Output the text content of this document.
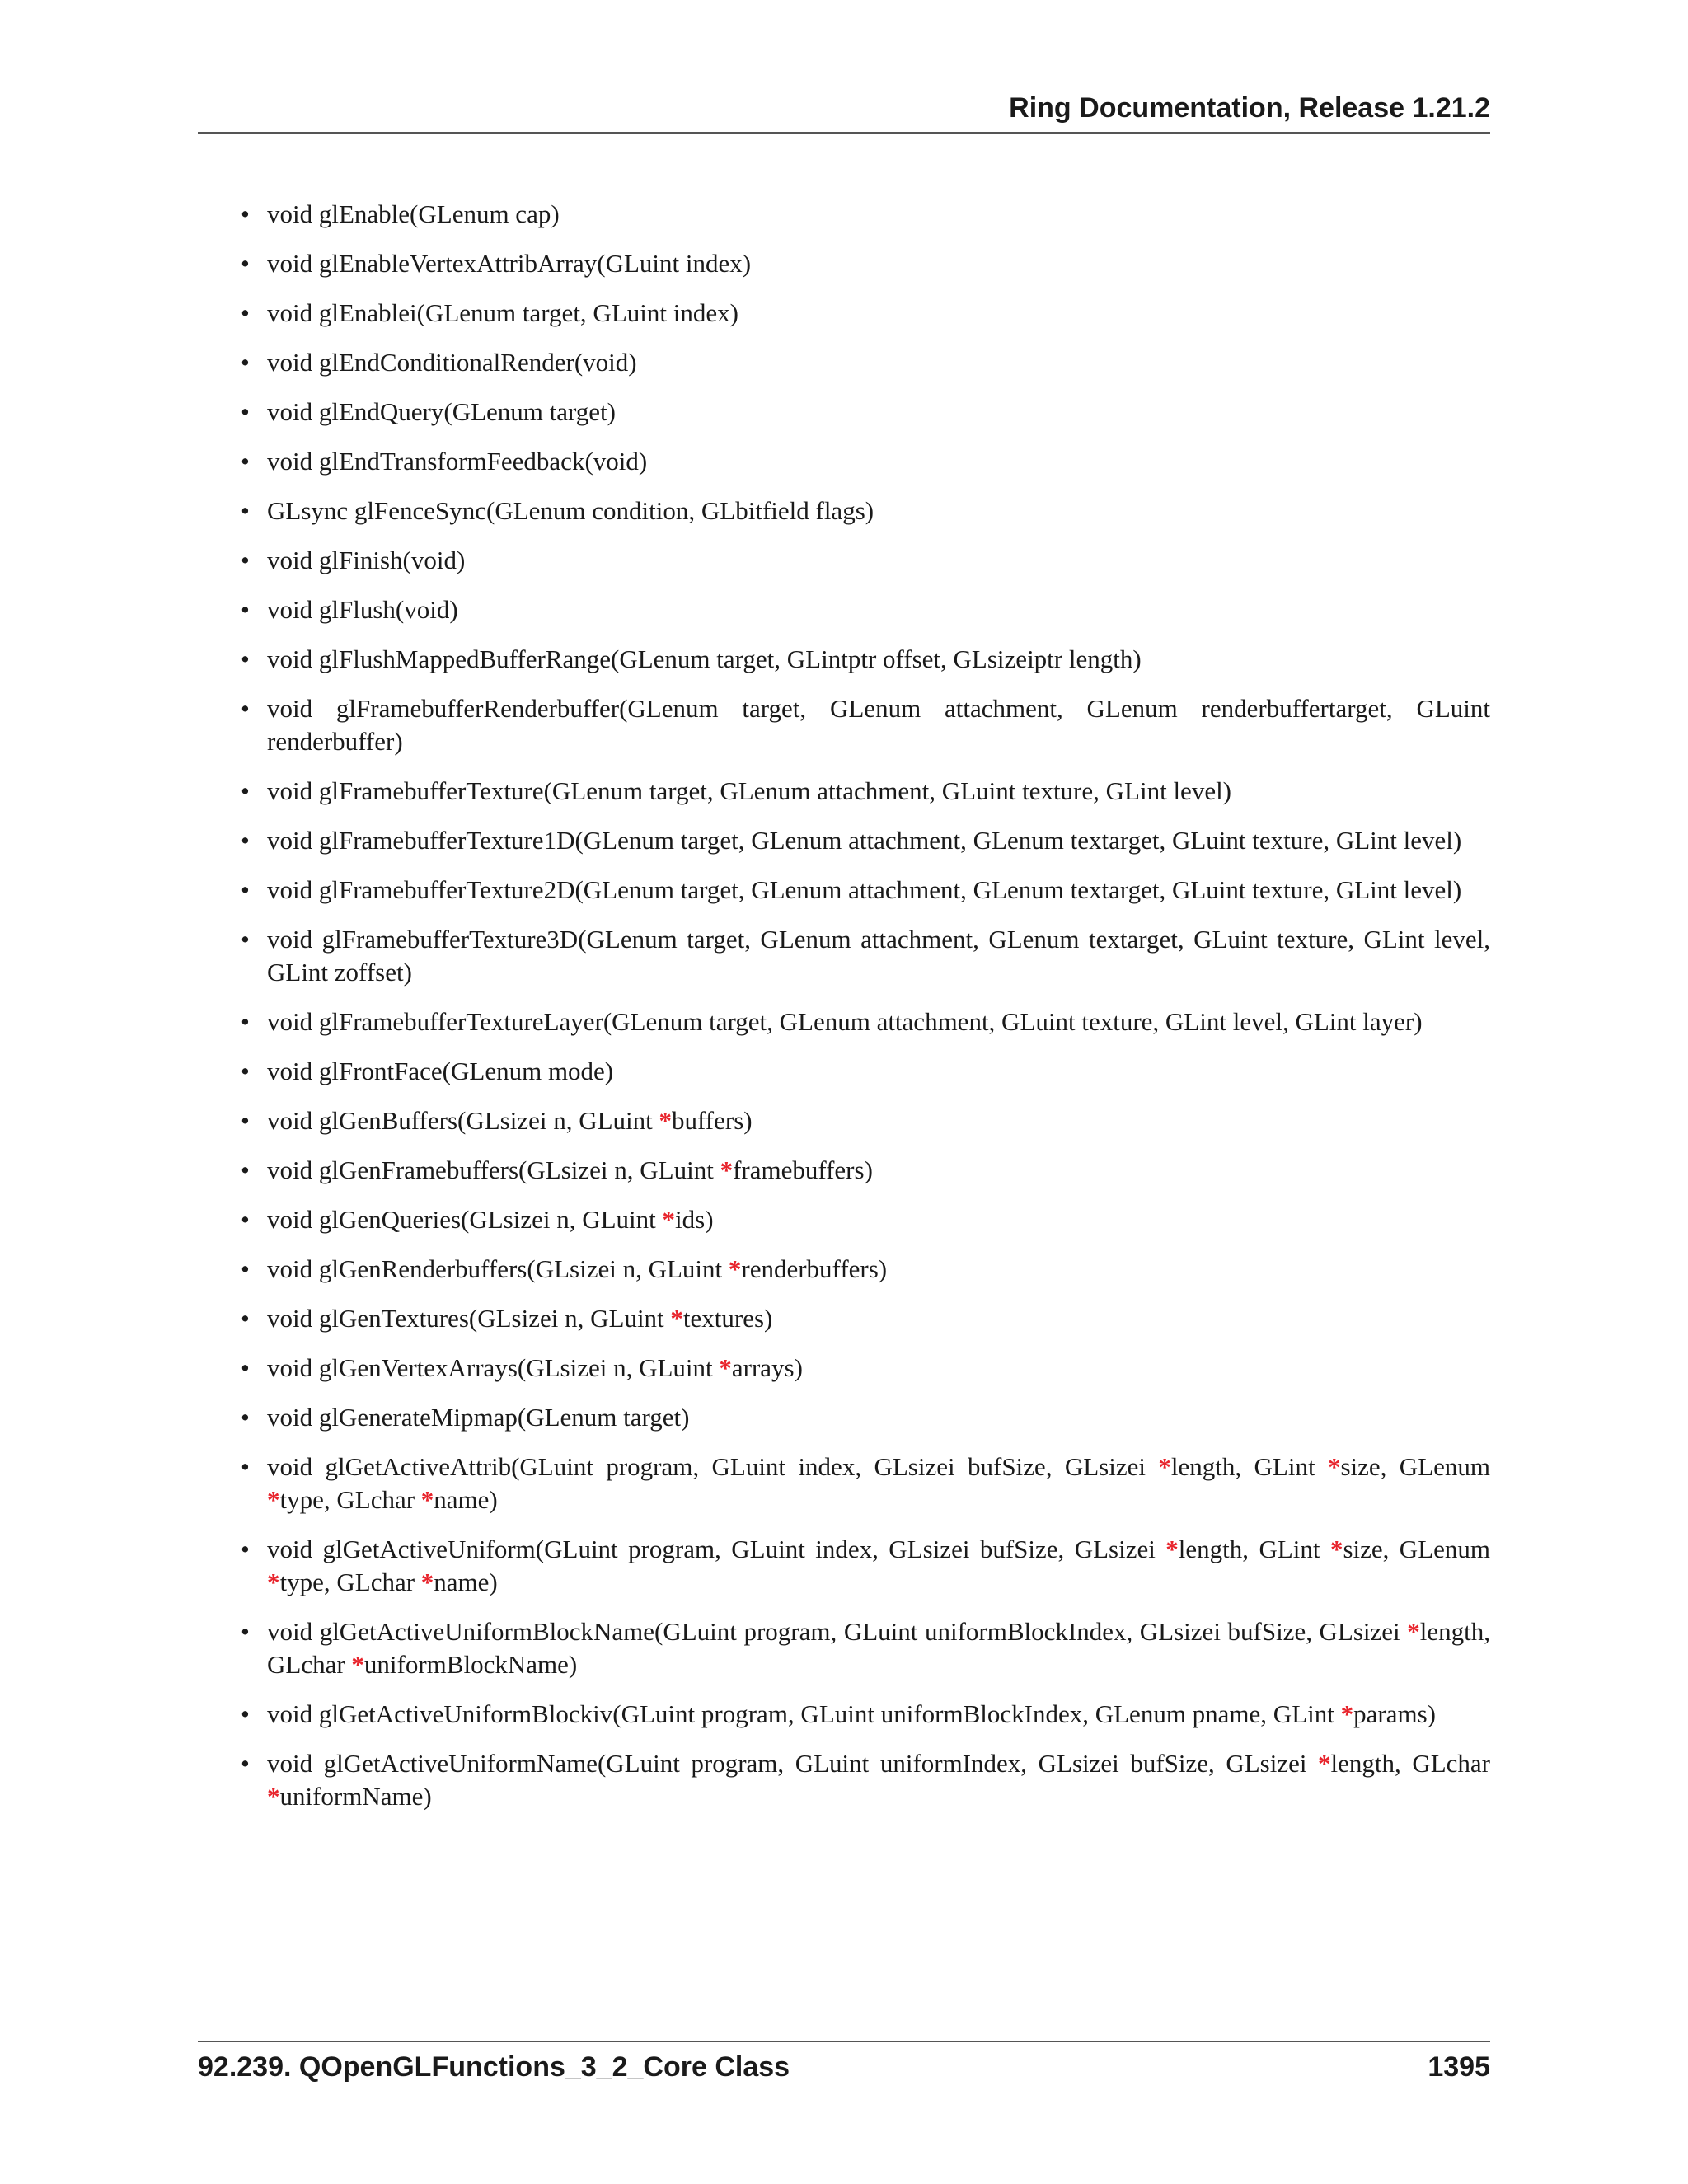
Ring Documentation, Release 1.21.2
• void glEnable(GLenum cap)
• void glEnableVertexAttribArray(GLuint index)
• void glEnablei(GLenum target, GLuint index)
• void glEndConditionalRender(void)
• void glEndQuery(GLenum target)
• void glEndTransformFeedback(void)
• GLsync glFenceSync(GLenum condition, GLbitfield flags)
• void glFinish(void)
• void glFlush(void)
• void glFlushMappedBufferRange(GLenum target, GLintptr offset, GLsizeiptr length)
• void glFramebufferRenderbuffer(GLenum target, GLenum attachment, GLenum renderbuffertarget, GLuint renderbuffer)
• void glFramebufferTexture(GLenum target, GLenum attachment, GLuint texture, GLint level)
• void glFramebufferTexture1D(GLenum target, GLenum attachment, GLenum textarget, GLuint texture, GLint level)
• void glFramebufferTexture2D(GLenum target, GLenum attachment, GLenum textarget, GLuint texture, GLint level)
• void glFramebufferTexture3D(GLenum target, GLenum attachment, GLenum textarget, GLuint texture, GLint level, GLint zoffset)
• void glFramebufferTextureLayer(GLenum target, GLenum attachment, GLuint texture, GLint level, GLint layer)
• void glFrontFace(GLenum mode)
• void glGenBuffers(GLsizei n, GLuint *buffers)
• void glGenFramebuffers(GLsizei n, GLuint *framebuffers)
• void glGenQueries(GLsizei n, GLuint *ids)
• void glGenRenderbuffers(GLsizei n, GLuint *renderbuffers)
• void glGenTextures(GLsizei n, GLuint *textures)
• void glGenVertexArrays(GLsizei n, GLuint *arrays)
• void glGenerateMipmap(GLenum target)
• void glGetActiveAttrib(GLuint program, GLuint index, GLsizei bufSize, GLsizei *length, GLint *size, GLenum *type, GLchar *name)
• void glGetActiveUniform(GLuint program, GLuint index, GLsizei bufSize, GLsizei *length, GLint *size, GLenum *type, GLchar *name)
• void glGetActiveUniformBlockName(GLuint program, GLuint uniformBlockIndex, GLsizei bufSize, GLsizei *length, GLchar *uniformBlockName)
• void glGetActiveUniformBlockiv(GLuint program, GLuint uniformBlockIndex, GLenum pname, GLint *params)
• void glGetActiveUniformName(GLuint program, GLuint uniformIndex, GLsizei bufSize, GLsizei *length, GLchar *uniformName)
92.239. QOpenGLFunctions_3_2_Core Class	1395
